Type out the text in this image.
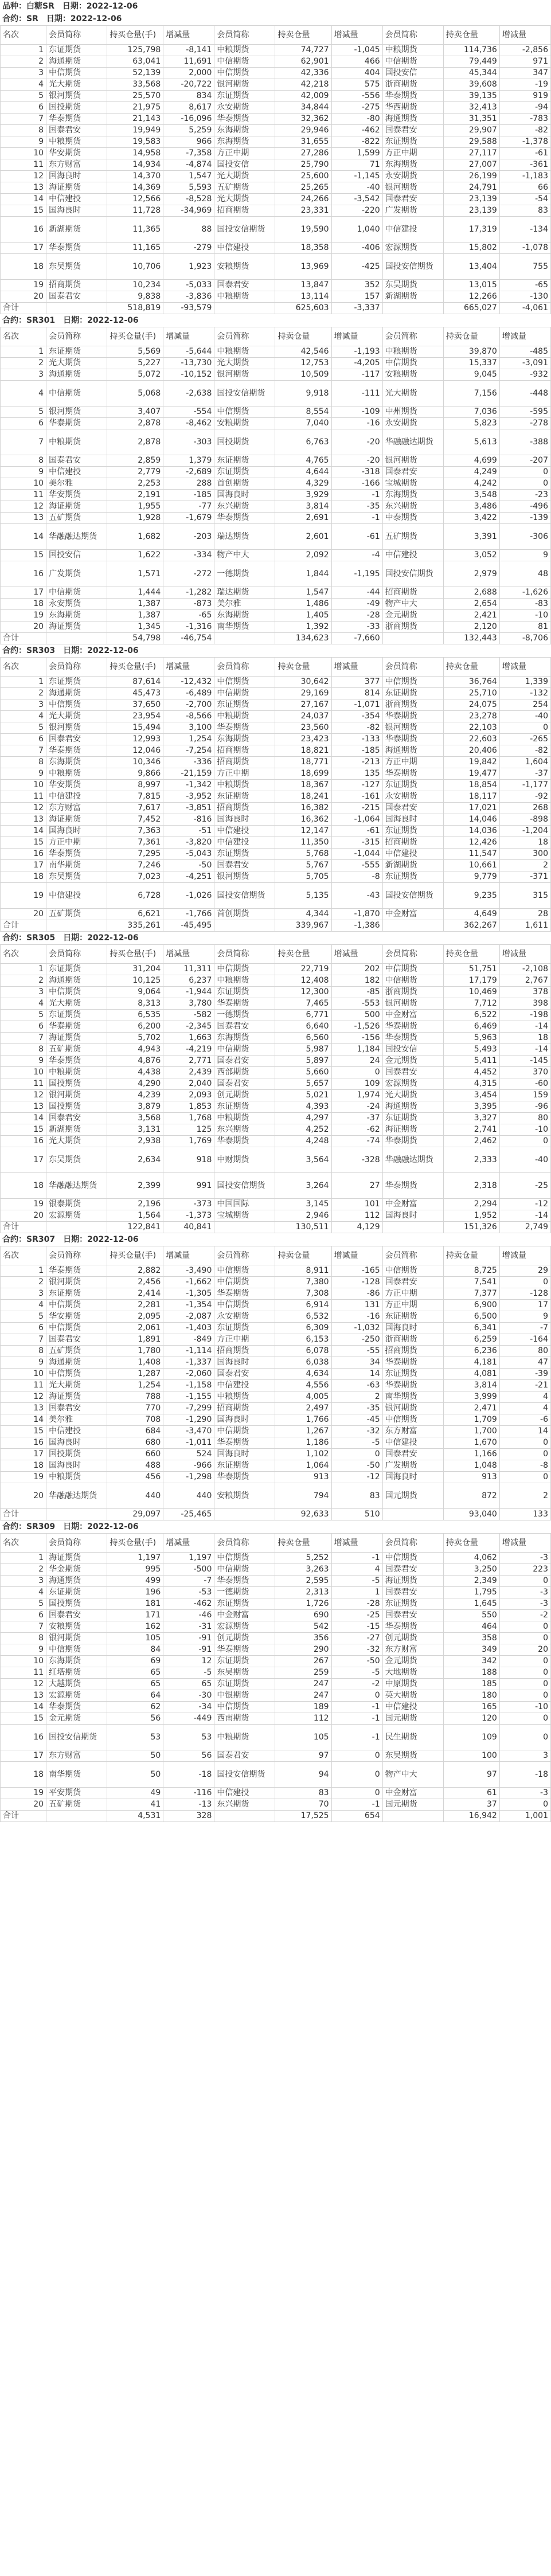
品种：白糖SR　日期：2022-12-06
合约：SR 日期：2022-12-06
名次	会员简称	持买仓量(手)	增减量	会员简称	持卖仓量	增减量	会员简称	持卖仓量	增减量
1	东证期货	125,798	-8,141	中粮期货	74,727	-1,045	中粮期货	114,736	-2,856
2	海通期货	63,041	11,691	中信期货	62,901	466	中信期货	79,449	971
3	中信期货	52,139	2,000	中信期货	42,336	404	国投安信	45,344	347
4	光大期货	33,568	-20,722	银河期货	42,218	575	浙商期货	39,608	-19
5	银河期货	25,570	834	东证期货	42,009	-556	华泰期货	39,135	919
6	国投期货	21,975	8,617	永安期货	34,844	-275	华西期货	32,413	-94
7	华泰期货	21,143	-16,096	华泰期货	32,362	-80	海通期货	31,351	-783
8	国泰君安	19,949	5,259	东海期货	29,946	-462	国泰君安	29,907	-82
9	中粮期货	19,583	966	东海期货	31,655	-822	东证期货	29,588	-1,378
10	华安期货	14,958	-7,358	方正中期	27,286	1,599	方正中期	27,117	-61
11	东方财富	14,934	-4,874	国投安信	25,790	71	东海期货	27,007	-361
12	国海良时	14,370	1,547	光大期货	25,600	-1,145	永安期货	26,199	-1,183
13	海证期货	14,369	5,593	五矿期货	25,265	-40	银河期货	24,791	66
14	中信建投	12,566	-8,528	光大期货	24,266	-3,542	国泰君安	23,139	-54
15	国海良时	11,728	-34,969	招商期货	23,331	-220	广发期货	23,139	83
16	新湖期货	11,365	88	国投安信期货	19,590	1,040	中信建投	17,319	-134
17	华泰期货	11,165	-279	中信建投	18,358	-406	宏源期货	15,802	-1,078
18	东吴期货	10,706	1,923	安粮期货	13,969	-425	国投安信期货	13,404	755
19	招商期货	10,234	-5,033	国泰君安	13,847	352	东吴期货	13,015	-65
20	国泰君安	9,838	-3,836	中粮期货	13,114	157	新湖期货	12,266	-130
合计		518,819	-93,579		625,603	-3,337		665,027	-4,061
合约：SR301 日期：2022-12-06
名次	会员简称	持买仓量(手)	增减量	会员简称	持卖仓量	增减量	会员简称	持卖仓量	增减量
1	东证期货	5,569	-5,644	中粮期货	42,546	-1,193	中粮期货	39,870	-485
2	光大期货	5,227	-13,730	光大期货	12,753	-4,205	中信期货	15,337	-3,091
3	海通期货	5,072	-10,152	银河期货	10,509	-117	安粮期货	9,045	-932
4	中信期货	5,068	-2,638	国投安信期货	9,918	-111	光大期货	7,156	-448
5	银河期货	3,407	-554	中信期货	8,554	-109	中州期货	7,036	-595
6	华泰期货	2,878	-8,462	安粮期货	7,040	-16	永安期货	5,823	-278
7	中粮期货	2,878	-303	国投期货	6,763	-20	华融融达期货	5,613	-388
8	国泰君安	2,859	1,379	东证期货	4,765	-20	银河期货	4,699	-207
9	中信建投	2,779	-2,689	东证期货	4,644	-318	国泰君安	4,249	0
10	美尔雅	2,253	288	首创期货	4,329	-166	宝城期货	4,242	0
11	华安期货	2,191	-185	国海良时	3,929	-1	东海期货	3,548	-23
12	海证期货	1,955	-77	东兴期货	3,814	-35	东兴期货	3,486	-496
13	五矿期货	1,928	-1,679	华泰期货	2,691	-1	中泰期货	3,422	-139
14	华融融达期货	1,682	-203	瑞达期货	2,601	-61	五矿期货	3,391	-306
15	国投安信	1,622	-334	物产中大	2,092	-4	中信建投	3,052	9
16	广发期货	1,571	-272	一德期货	1,844	-1,195	国投安信期货	2,979	48
17	中信期货	1,444	-1,282	瑞达期货	1,547	-44	招商期货	2,688	-1,626
18	永安期货	1,387	-873	美尔雅	1,486	-49	物产中大	2,654	-83
19	东海期货	1,387	-65	东海期货	1,405	-28	金元期货	2,421	-10
20	海证期货	1,345	-1,316	南华期货	1,392	-33	浙商期货	2,120	81
合计		54,798	-46,754		134,623	-7,660		132,443	-8,706
合约：SR303 日期：2022-12-06
名次	会员简称	持买仓量(手)	增减量	会员简称	持卖仓量	增减量	会员简称	持卖仓量	增减量
1	东证期货	87,614	-12,432	中信期货	30,642	377	中信期货	36,764	1,339
2	海通期货	45,473	-6,489	中信期货	29,169	814	东证期货	25,710	-132
3	中信期货	37,650	-2,700	东证期货	27,167	-1,071	浙商期货	24,075	254
4	光大期货	23,954	-8,566	中粮期货	24,037	-354	华泰期货	23,278	-40
5	银河期货	15,494	3,100	华泰期货	23,560	-82	银河期货	22,103	0
6	国泰君安	12,993	1,254	东海期货	23,423	-133	华泰期货	22,603	-265
7	华泰期货	12,046	-7,254	招商期货	18,821	-185	海通期货	20,406	-82
8	东海期货	10,346	-336	招商期货	18,771	-213	方正中期	19,842	1,604
9	中粮期货	9,866	-21,159	方正中期	18,699	135	华泰期货	19,477	-37
10	华安期货	8,997	-1,342	中粮期货	18,367	-127	东证期货	18,854	-1,177
11	中信建投	7,815	-3,952	东证期货	18,241	-161	永安期货	18,117	-92
12	东方财富	7,617	-3,851	招商期货	16,382	-215	国泰君安	17,021	268
13	海证期货	7,452	-816	国海良时	16,362	-1,064	国海良时	14,046	-898
14	国海良时	7,363	-51	中信建投	12,147	-61	东证期货	14,036	-1,204
15	方正中期	7,361	-3,820	中信建投	11,350	-315	招商期货	12,426	18
16	华泰期货	7,295	-5,043	东证期货	5,768	-1,044	中信建投	11,547	300
17	南华期货	7,246	-50	国泰君安	5,767	-555	新湖期货	10,661	2
18	东吴期货	7,023	-4,251	银河期货	5,705	-8	东证期货	9,779	-371
19	中信建投	6,728	-1,026	国投安信期货	5,135	-43	国投安信期货	9,235	315
20	五矿期货	6,621	-1,766	首创期货	4,344	-1,870	中金财富	4,649	28
合计		335,261	-45,495		339,967	-1,386		362,267	1,611
合约：SR305 日期：2022-12-06
名次	会员简称	持买仓量(手)	增减量	会员简称	持卖仓量	增减量	会员简称	持卖仓量	增减量
1	东证期货	31,204	11,311	中信期货	22,719	202	中信期货	51,751	-2,108
2	海通期货	10,125	6,237	中粮期货	12,408	182	中信期货	17,179	2,767
3	中信期货	9,064	-1,944	东证期货	12,300	-85	浙商期货	10,469	378
4	光大期货	8,313	3,780	华泰期货	7,465	-553	银河期货	7,712	398
5	东证期货	6,535	-582	一德期货	6,771	500	中金财富	6,522	-198
6	华泰期货	6,200	-2,345	国泰君安	6,640	-1,526	华泰期货	6,469	-14
7	海证期货	5,702	1,663	东海期货	6,560	-156	华泰期货	5,963	18
8	五矿期货	4,943	-4,219	中信期货	5,987	1,184	国投安信	5,493	-14
9	华泰期货	4,876	2,771	国泰君安	5,897	24	金元期货	5,411	-145
10	中粮期货	4,438	2,439	西部期货	5,660	0	国泰君安	4,452	370
11	国投期货	4,290	2,040	国泰君安	5,657	109	宏源期货	4,315	-60
12	银河期货	4,239	2,093	创元期货	5,021	1,974	光大期货	3,454	159
13	国投期货	3,879	1,853	东证期货	4,393	-24	海通期货	3,395	-96
14	国泰君安	3,568	1,768	中粮期货	4,297	-37	东证期货	3,327	80
15	新湖期货	3,131	125	东兴期货	4,252	-62	海证期货	2,741	-10
16	光大期货	2,938	1,769	华泰期货	4,248	-74	华泰期货	2,462	0
17	东吴期货	2,634	918	中财期货	3,564	-328	华融融达期货	2,333	-40
18	华融融达期货	2,399	991	国投安信期货	3,264	27	华泰期货	2,318	-25
19	银泰期货	2,196	-373	中国国际	3,145	101	中金财富	2,294	-12
20	宏源期货	1,564	-1,373	宝城期货	2,946	112	国海良时	1,952	-14
合计		122,841	40,841		130,511	4,129		151,326	2,749
合约：SR307 日期：2022-12-06
名次	会员简称	持买仓量(手)	增减量	会员简称	持卖仓量	增减量	会员简称	持卖仓量	增减量
1	华泰期货	2,882	-3,490	中信期货	8,911	-165	中信期货	8,725	29
2	银河期货	2,456	-1,662	中信期货	7,380	-128	国泰君安	7,541	0
3	东证期货	2,414	-1,305	华泰期货	7,308	-86	方正中期	7,377	-128
4	中信期货	2,281	-1,354	中信期货	6,914	131	方正中期	6,900	17
5	华安期货	2,095	-2,087	永安期货	6,532	-16	东证期货	6,500	9
6	中信期货	2,061	-1,403	东证期货	6,309	-1,032	国海良时	6,341	-7
7	国泰君安	1,891	-849	方正中期	6,153	-250	浙商期货	6,259	-164
8	五矿期货	1,780	-1,114	招商期货	6,078	-55	招商期货	6,236	80
9	海通期货	1,408	-1,337	国海良时	6,038	34	华泰期货	4,181	47
10	中信期货	1,287	-2,060	国泰君安	4,634	14	东证期货	4,081	-39
11	光大期货	1,254	-1,158	中信建投	4,556	-63	华泰期货	3,814	-21
12	海证期货	788	-1,155	中粮期货	4,005	2	南华期货	3,999	4
13	国泰君安	770	-7,299	招商期货	2,497	-35	银河期货	2,471	4
14	美尔雅	708	-1,290	国海良时	1,766	-45	中信期货	1,709	-6
15	中信建投	684	-3,470	中信期货	1,267	-32	东方财富	1,700	14
16	国海良时	680	-1,011	华泰期货	1,186	-5	中信建投	1,670	0
17	国投期货	660	524	国海良时	1,102	0	国泰君安	1,166	0
18	国海良时	488	-966	东证期货	1,064	-50	广发期货	1,048	-8
19	中粮期货	456	-1,298	华泰期货	913	-12	国海良时	913	0
20	华融融达期货	440	440	安粮期货	794	83	国元期货	872	2
合计		29,097	-25,465		92,633	510		93,040	133
合约：SR309 日期：2022-12-06
名次	会员简称	持买仓量(手)	增减量	会员简称	持卖仓量	增减量	会员简称	持卖仓量	增减量
1	海证期货	1,197	1,197	中信期货	5,252	-1	中信期货	4,062	-3
2	华金期货	995	-500	中信期货	3,263	4	国泰君安	3,250	223
3	海通期货	499	-7	华泰期货	2,595	-5	海证期货	2,349	0
4	东证期货	196	-53	一德期货	2,313	1	国泰君安	1,795	-3
5	国投期货	181	-462	东证期货	1,726	-28	东证期货	1,645	-3
6	国泰君安	171	-46	中金财富	690	-25	国泰君安	550	-2
7	安粮期货	162	-31	宏源期货	542	-15	华泰期货	464	0
8	银河期货	105	-91	创元期货	356	-27	创元期货	358	0
9	中信期货	84	-91	华泰期货	290	-32	东方财富	349	20
10	东海期货	69	12	东证期货	267	-50	金元期货	342	0
11	红塔期货	65	-5	东吴期货	259	-5	大地期货	188	0
12	大越期货	65	65	东证期货	247	-2	中原期货	185	0
13	宏源期货	64	-30	中银期货	247	0	英大期货	180	0
14	华泰期货	62	-34	中信期货	189	-1	中信建投	165	-10
15	金元期货	56	-449	西南期货	112	-1	国元期货	120	0
16	国投安信期货	53	53	中粮期货	105	-1	民生期货	109	0
17	东方财富	50	56	国泰君安	97	0	东吴期货	100	3
18	南华期货	50	-18	国投安信期货	94	0	物产中大	97	-18
19	平安期货	49	-116	中信建投	83	0	中金财富	61	-3
20	五矿期货	41	-13	东兴期货	70	-1	国元期货	37	0
合计		4,531	328		17,525	654		16,942	1,001
